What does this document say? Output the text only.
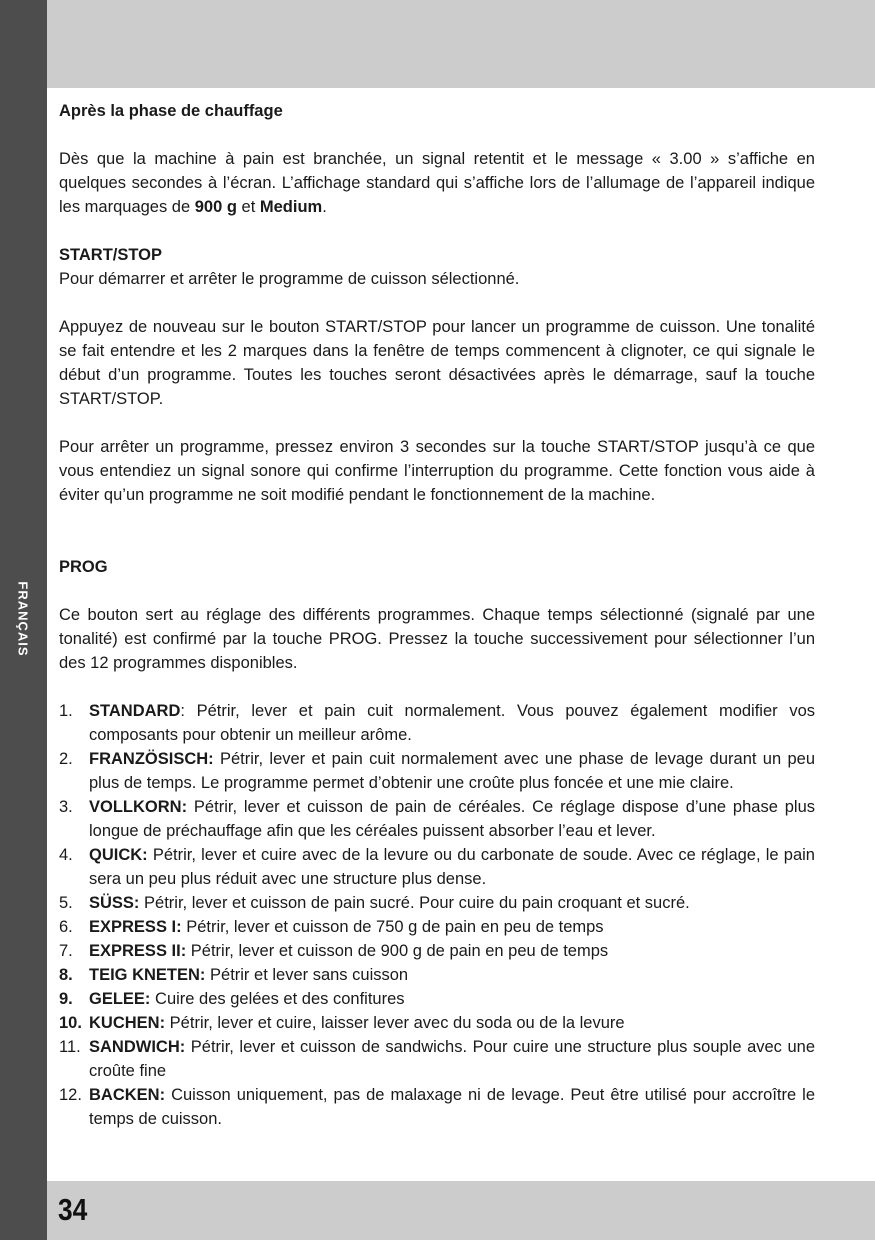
FRANÇAIS

Après la phase de chauffage

Dès que la machine à pain est branchée, un signal retentit et le message « 3.00 » s’affiche en quelques secondes à l’écran. L’affichage standard qui s’affiche lors de l’allumage de l’appareil indique les marquages de 900 g et Medium.

START/STOP

Pour démarrer et arrêter le programme de cuisson sélectionné.

Appuyez de nouveau sur le bouton START/STOP pour lancer un programme de cuisson. Une tonalité se fait entendre et les 2 marques dans la fenêtre de temps commencent à clignoter, ce qui signale le début d’un programme. Toutes les touches seront désactivées après le démarrage, sauf la touche START/STOP.

Pour arrêter un programme, pressez environ 3 secondes sur la touche START/STOP jusqu’à ce que vous entendiez un signal sonore qui confirme l’interruption du programme. Cette fonction vous aide à éviter qu’un programme ne soit modifié pendant le fonctionnement de la machine.

PROG

Ce bouton sert au réglage des différents programmes. Chaque temps sélectionné (signalé par une tonalité) est confirmé par la touche PROG. Pressez la touche successivement pour sélectionner l’un des 12 programmes disponibles.

1. STANDARD: Pétrir, lever et pain cuit normalement. Vous pouvez également modifier vos composants pour obtenir un meilleur arôme.
2. FRANZÖSISCH: Pétrir, lever et pain cuit normalement avec une phase de levage durant un peu plus de temps. Le programme permet d’obtenir une croûte plus foncée et une mie claire.
3. VOLLKORN: Pétrir, lever et cuisson de pain de céréales. Ce réglage dispose d’une phase plus longue de préchauffage afin que les céréales puissent absorber l’eau et lever.
4. QUICK: Pétrir, lever et cuire avec de la levure ou du carbonate de soude. Avec ce réglage, le pain sera un peu plus réduit avec une structure plus dense.
5. SÜSS: Pétrir, lever et cuisson de pain sucré. Pour cuire du pain croquant et sucré.
6. EXPRESS I: Pétrir, lever et cuisson de 750 g de pain en peu de temps
7. EXPRESS II: Pétrir, lever et cuisson de 900 g de pain en peu de temps
8. TEIG KNETEN: Pétrir et lever sans cuisson
9. GELEE: Cuire des gelées et des confitures
10. KUCHEN: Pétrir, lever et cuire, laisser lever avec du soda ou de la levure
11. SANDWICH: Pétrir, lever et cuisson de sandwichs. Pour cuire une structure plus souple avec une croûte fine
12. BACKEN: Cuisson uniquement, pas de malaxage ni de levage. Peut être utilisé pour accroître le temps de cuisson.
34
